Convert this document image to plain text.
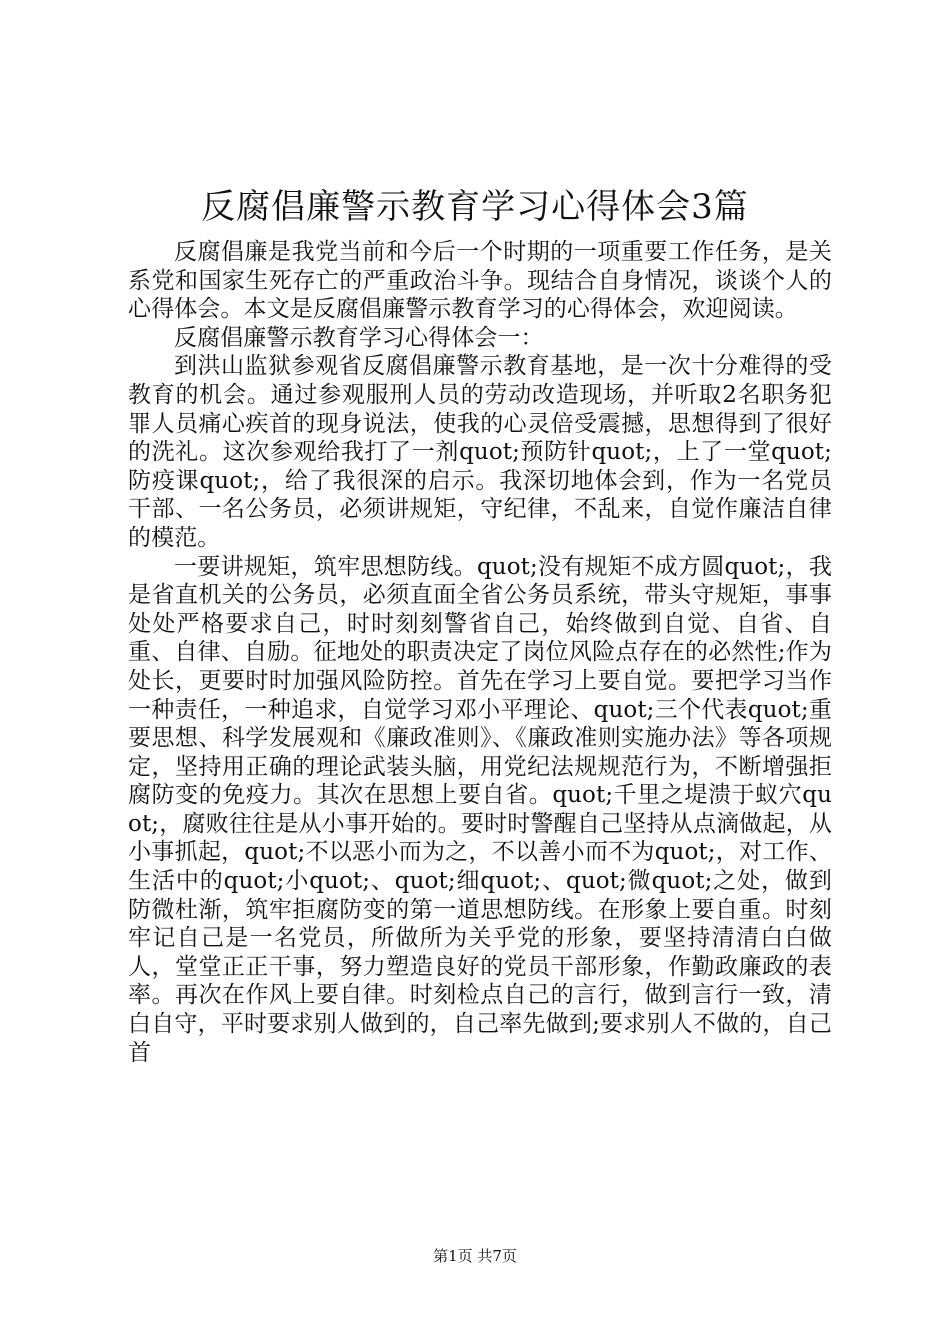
反腐倡廉警示教育学习心得体会3篇

反腐倡廉是我党当前和今后一个时期的一项重要工作任务，是关系党和国家生死存亡的严重政治斗争。现结合自身情况，谈谈个人的心得体会。本文是反腐倡廉警示教育学习的心得体会，欢迎阅读。

反腐倡廉警示教育学习心得体会一：

到洪山监狱参观省反腐倡廉警示教育基地，是一次十分难得的受教育的机会。通过参观服刑人员的劳动改造现场，并听取2名职务犯罪人员痛心疾首的现身说法，使我的心灵倍受震撼，思想得到了很好的洗礼。这次参观给我打了一剂quot;预防针quot;，上了一堂quot;防疫课quot;，给了我很深的启示。我深切地体会到，作为一名党员干部、一名公务员，必须讲规矩，守纪律，不乱来，自觉作廉洁自律的模范。

一要讲规矩，筑牢思想防线。quot;没有规矩不成方圆quot;，我是省直机关的公务员，必须直面全省公务员系统，带头守规矩，事事处处严格要求自己，时时刻刻警省自己，始终做到自觉、自省、自重、自律、自励。征地处的职责决定了岗位风险点存在的必然性;作为处长，更要时时加强风险防控。首先在学习上要自觉。要把学习当作一种责任，一种追求，自觉学习邓小平理论、quot;三个代表quot;重要思想、科学发展观和《廉政准则》、《廉政准则实施办法》等各项规定，坚持用正确的理论武装头脑，用党纪法规规范行为，不断增强拒腐防变的免疫力。其次在思想上要自省。quot;千里之堤溃于蚁穴quot;，腐败往往是从小事开始的。要时时警醒自己坚持从点滴做起，从小事抓起，quot;不以恶小而为之，不以善小而不为quot;，对工作、生活中的quot;小quot;、quot;细quot;、quot;微quot;之处，做到防微杜渐，筑牢拒腐防变的第一道思想防线。在形象上要自重。时刻牢记自己是一名党员，所做所为关乎党的形象，要坚持清清白白做人，堂堂正正干事，努力塑造良好的党员干部形象，作勤政廉政的表率。再次在作风上要自律。时刻检点自己的言行，做到言行一致，清白自守，平时要求别人做到的，自己率先做到;要求别人不做的，自己首

第1页 共7页
